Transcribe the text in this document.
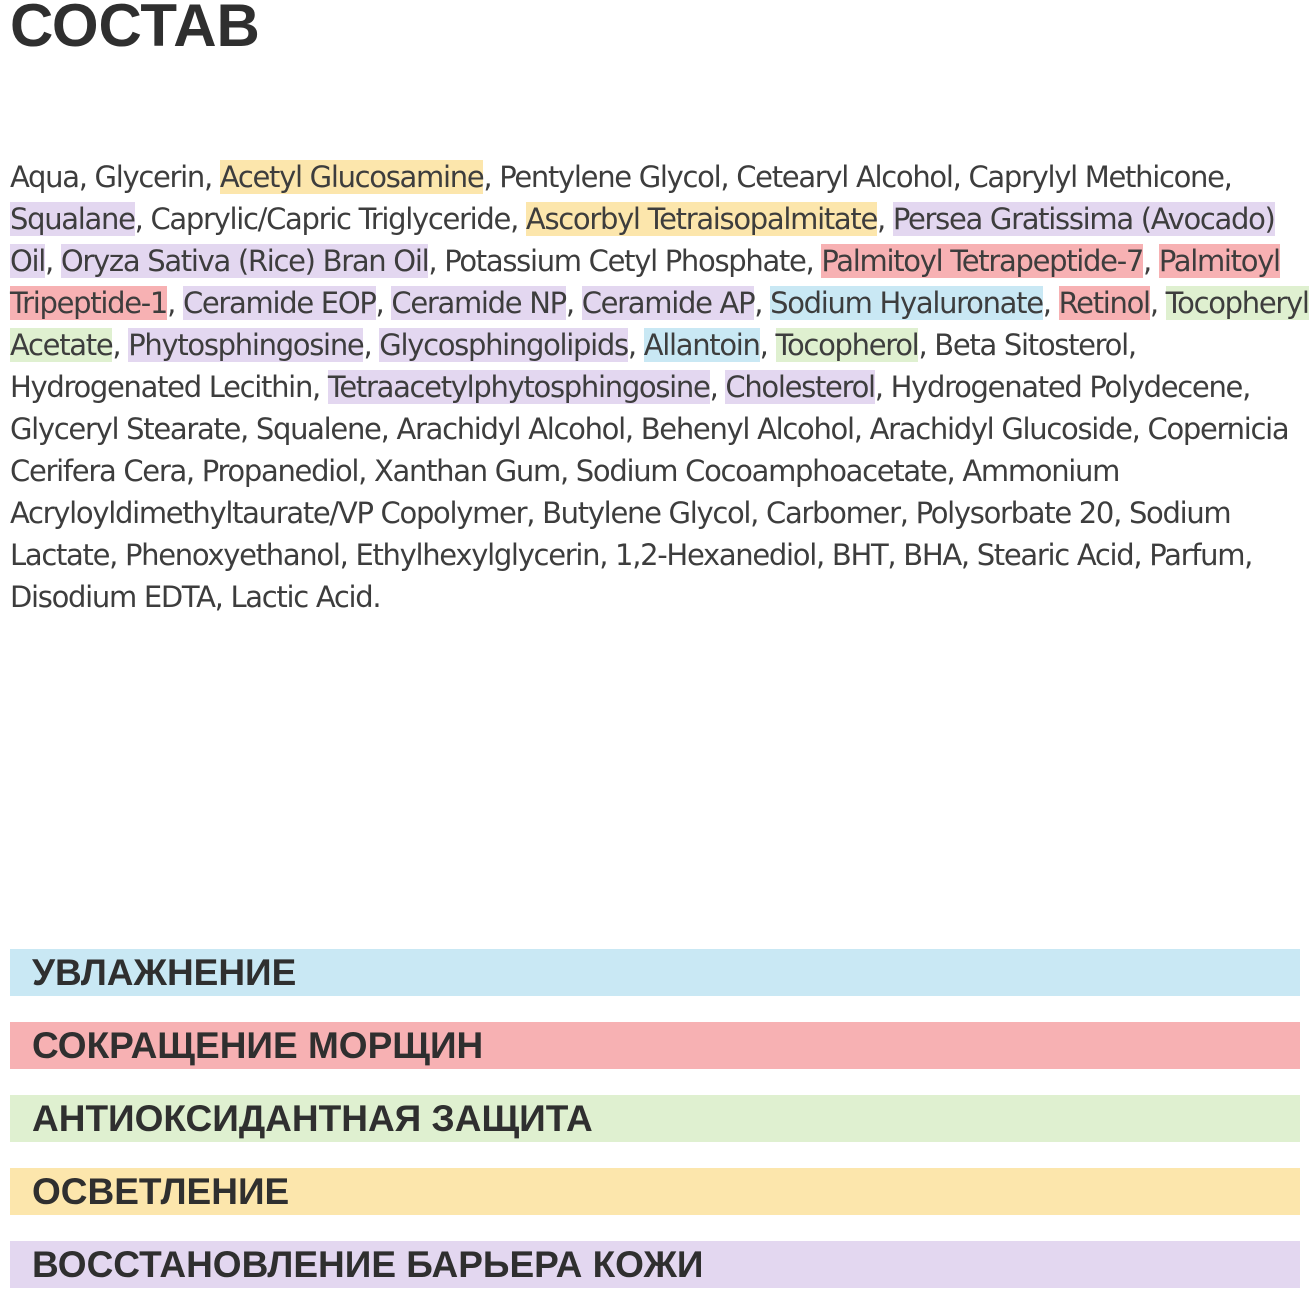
СОСТАВ

Aqua, Glycerin, Acetyl Glucosamine, Pentylene Glycol, Cetearyl Alcohol, Caprylyl Methicone, Squalane, Caprylic/Capric Triglyceride, Ascorbyl Tetraisopalmitate, Persea Gratissima (Avocado) Oil, Oryza Sativa (Rice) Bran Oil, Potassium Cetyl Phosphate, Palmitoyl Tetrapeptide-7, Palmitoyl Tripeptide-1, Ceramide EOP, Ceramide NP, Ceramide AP, Sodium Hyaluronate, Retinol, Tocopheryl Acetate, Phytosphingosine, Glycosphingolipids, Allantoin, Tocopherol, Beta Sitosterol, Hydrogenated Lecithin, Tetraacetylphytosphingosine, Cholesterol, Hydrogenated Polydecene, Glyceryl Stearate, Squalene, Arachidyl Alcohol, Behenyl Alcohol, Arachidyl Glucoside, Copernicia Cerifera Cera, Propanediol, Xanthan Gum, Sodium Cocoamphoacetate, Ammonium Acryloyldimethyltaurate/VP Copolymer, Butylene Glycol, Carbomer, Polysorbate 20, Sodium Lactate, Phenoxyethanol, Ethylhexylglycerin, 1,2-Hexanediol, BHT, BHA, Stearic Acid, Parfum, Disodium EDTA, Lactic Acid.

УВЛАЖНЕНИЕ
СОКРАЩЕНИЕ МОРЩИН
АНТИОКСИДАНТНАЯ ЗАЩИТА
ОСВЕТЛЕНИЕ
ВОССТАНОВЛЕНИЕ БАРЬЕРА КОЖИ
